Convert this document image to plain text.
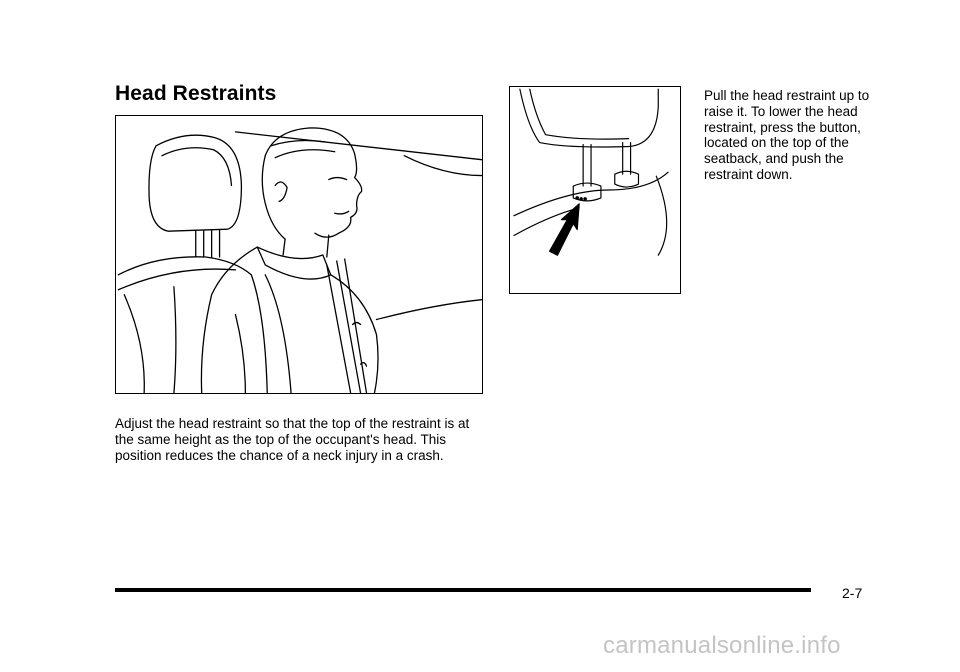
Head Restraints

Adjust the head restraint so that the top of the restraint is at the same height as the top of the occupant's head. This position reduces the chance of a neck injury in a crash.

Pull the head restraint up to raise it. To lower the head restraint, press the button, located on the top of the seatback, and push the restraint down.

2-7
carmanualsonline.info
